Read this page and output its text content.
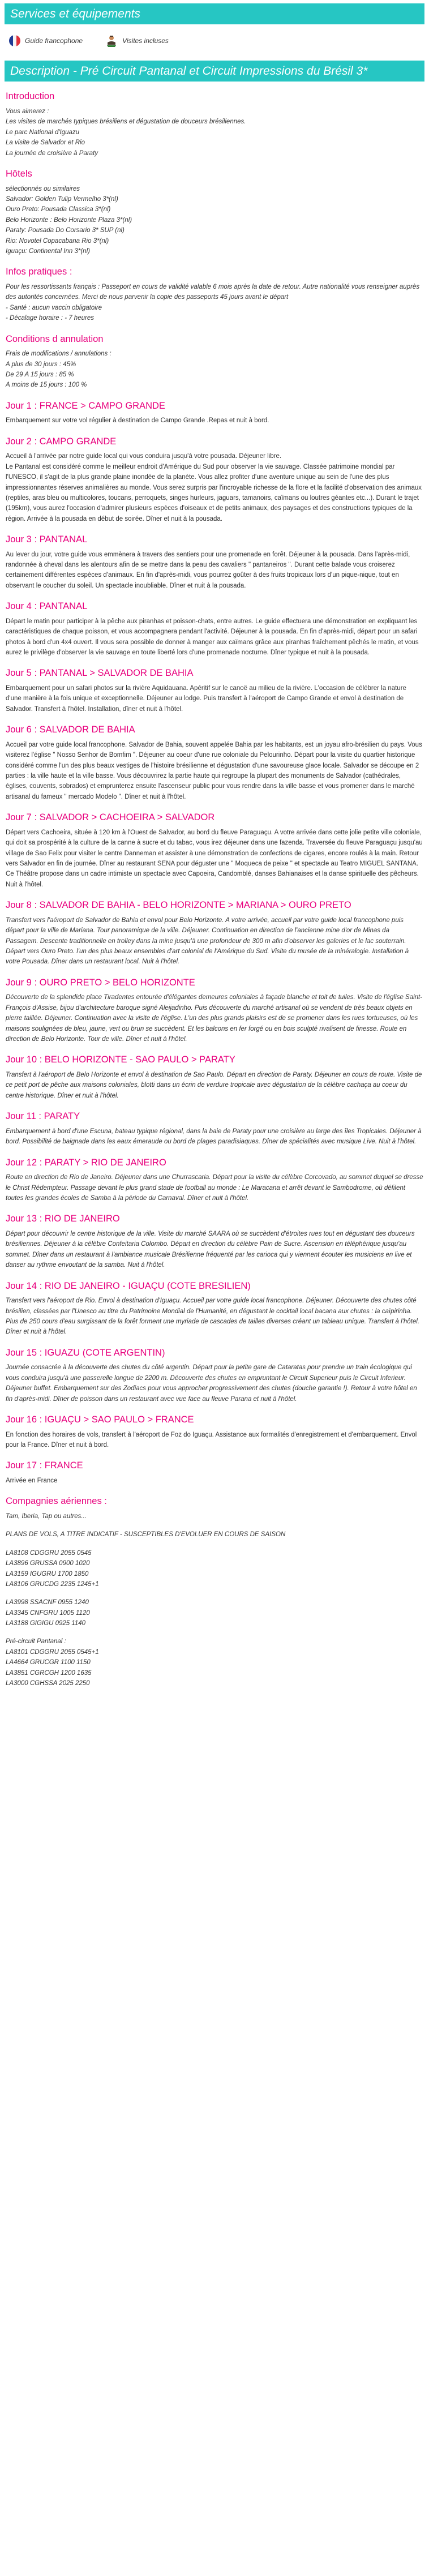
Services et équipements
Guide francophone	Visites incluses
Description - Pré Circuit Pantanal et Circuit Impressions du Brésil 3*
Introduction
Vous aimerez :
Les visites de marchés typiques brésiliens et dégustation de douceurs brésiliennes.
Le parc National d'Iguazu
La visite de Salvador et Rio
La journée de croisière à Paraty
Hôtels
sélectionnés ou similaires
Salvador: Golden Tulip Vermelho 3*(nl)
Ouro Preto: Pousada Classica 3*(nl)
Belo Horizonte : Belo Horizonte Plaza 3*(nl)
Paraty: Pousada Do Corsario 3* SUP (nl)
Rio: Novotel Copacabana Rio 3*(nl)
Iguaçu: Continental Inn 3*(nl)
Infos pratiques :
Pour les ressortissants français : Passeport en cours de validité valable 6 mois après la date de retour. Autre nationalité vous renseigner auprès des autorités concernées. Merci de nous parvenir la copie des passeports 45 jours avant le départ
- Santé : aucun vaccin obligatoire
- Décalage horaire : - 7 heures
Conditions d annulation
Frais de modifications / annulations :
A plus de 30 jours : 45%
De 29 A 15 jours : 85 %
A moins de 15 jours : 100 %
Jour 1 : FRANCE > CAMPO GRANDE
Embarquement sur votre vol régulier à destination de Campo Grande .Repas et nuit à bord.
Jour 2 : CAMPO GRANDE
Accueil à l'arrivée par notre guide local qui vous conduira jusqu'à votre pousada. Déjeuner libre.
Le Pantanal est considéré comme le meilleur endroit d'Amérique du Sud pour observer la vie sauvage. Classée patrimoine mondial par l'UNESCO, il s'agit de la plus grande plaine inondée de la planète. Vous allez profiter d'une aventure unique au sein de l'une des plus impressionnantes réserves animalières au monde. Vous serez surpris par l'incroyable richesse de la flore et la facilité d'observation des animaux (reptiles, aras bleu ou multicolores, toucans, perroquets, singes hurleurs, jaguars, tamanoirs, caïmans ou loutres géantes etc...). Durant le trajet (195km), vous aurez l'occasion d'admirer plusieurs espèces d'oiseaux et de petits animaux, des paysages et des constructions typiques de la région. Arrivée à la pousada en début de soirée. Dîner et nuit à la pousada.
Jour 3 : PANTANAL
Au lever du jour, votre guide vous emmènera à travers des sentiers pour une promenade en forêt. Déjeuner à la pousada. Dans l'après-midi, randonnée à cheval dans les alentours afin de se mettre dans la peau des cavaliers " pantaneiros ". Durant cette balade vous croiserez certainement différentes espèces d'animaux. En fin d'après-midi, vous pourrez goûter à des fruits tropicaux lors d'un pique-nique, tout en observant le coucher du soleil. Un spectacle inoubliable. Dîner et nuit à la pousada.
Jour 4 : PANTANAL
Départ le matin pour participer à la pêche aux piranhas et poisson-chats, entre autres. Le guide effectuera une démonstration en expliquant les caractéristiques de chaque poisson, et vous accompagnera pendant l'activité. Déjeuner à la pousada. En fin d'après-midi, départ pour un safari photos à bord d'un 4x4 ouvert. Il vous sera possible de donner à manger aux caïmans grâce aux piranhas fraîchement pêchés le matin, et vous aurez le privilège d'observer la vie sauvage en toute liberté lors d'une promenade nocturne. Dîner typique et nuit à la pousada.
Jour 5 : PANTANAL > SALVADOR DE BAHIA
Embarquement pour un safari photos sur la rivière Aquidauana. Apéritif sur le canoë au milieu de la rivière. L'occasion de célébrer la nature d'une manière à la fois unique et exceptionnelle. Déjeuner au lodge. Puis transfert à l'aéroport de Campo Grande et envol à destination de Salvador. Transfert à l'hôtel. Installation, dîner et nuit à l'hôtel.
Jour 6 : SALVADOR DE BAHIA
Accueil par votre guide local francophone. Salvador de Bahia, souvent appelée Bahia par les habitants, est un joyau afro-brésilien du pays. Vous visiterez l'église " Nosso Senhor de Bomfim ". Déjeuner au coeur d'une rue coloniale du Pelourinho. Départ pour la visite du quartier historique considéré comme l'un des plus beaux vestiges de l'histoire brésilienne et dégustation d'une savoureuse glace locale. Salvador se découpe en 2 parties : la ville haute et la ville basse. Vous découvrirez la partie haute qui regroupe la plupart des monuments de Salvador (cathédrales, églises, couvents, sobrados) et emprunterez ensuite l'ascenseur public pour vous rendre dans la ville basse et vous promener dans le marché artisanal du fameux " mercado Modelo ". Dîner et nuit à l'hôtel.
Jour 7 : SALVADOR > CACHOEIRA > SALVADOR
Départ vers Cachoeira, située à 120 km à l'Ouest de Salvador, au bord du fleuve Paraguaçu. A votre arrivée dans cette jolie petite ville coloniale, qui doit sa prospérité à la culture de la canne à sucre et du tabac, vous irez déjeuner dans une fazenda. Traversée du fleuve Paraguaçu jusqu'au village de Sao Felix pour visiter le centre Danneman et assister à une démonstration de confections de cigares, encore roulés à la main. Retour vers Salvador en fin de journée. Dîner au restaurant SENA pour déguster une " Moqueca de peixe " et spectacle au Teatro MIGUEL SANTANA. Ce Théâtre propose dans un cadre intimiste un spectacle avec Capoeira, Candomblé, danses Bahianaises et la danse spirituelle des pêcheurs. Nuit à l'hôtel.
Jour 8 : SALVADOR DE BAHIA - BELO HORIZONTE > MARIANA > OURO PRETO
Transfert vers l'aéroport de Salvador de Bahia et envol pour Belo Horizonte. A votre arrivée, accueil par votre guide local francophone puis départ pour la ville de Mariana. Tour panoramique de la ville. Déjeuner. Continuation en direction de l'ancienne mine d'or de Minas da Passagem. Descente traditionnelle en trolley dans la mine jusqu'à une profondeur de 300 m afin d'observer les galeries et le lac souterrain. Départ vers Ouro Preto. l'un des plus beaux ensembles d'art colonial de l'Amérique du Sud. Visite du musée de la minéralogie. Installation à votre Pousada. Dîner dans un restaurant local. Nuit à l'hôtel.
Jour 9 : OURO PRETO > BELO HORIZONTE
Découverte de la splendide place Tiradentes entourée d'élégantes demeures coloniales à façade blanche et toit de tuiles. Visite de l'église Saint-François d'Assise, bijou d'architecture baroque signé Aleijadinho. Puis découverte du marché artisanal où se vendent de très beaux objets en pierre taillée. Déjeuner. Continuation avec la visite de l'église. L'un des plus grands plaisirs est de se promener dans les rues tortueuses, où les maisons soulignées de bleu, jaune, vert ou brun se succèdent. Et les balcons en fer forgé ou en bois sculpté rivalisent de finesse. Route en direction de Belo Horizonte. Tour de ville. Dîner et nuit à l'hôtel.
Jour 10 : BELO HORIZONTE - SAO PAULO > PARATY
Transfert à l'aéroport de Belo Horizonte et envol à destination de Sao Paulo. Départ en direction de Paraty. Déjeuner en cours de route. Visite de ce petit port de pêche aux maisons coloniales, blotti dans un écrin de verdure tropicale avec dégustation de la célèbre cachaça au coeur du centre historique. Dîner et nuit à l'hôtel.
Jour 11 : PARATY
Embarquement à bord d'une Escuna, bateau typique régional, dans la baie de Paraty pour une croisière au large des îles Tropicales. Déjeuner à bord. Possibilité de baignade dans les eaux émeraude ou bord de plages paradisiaques. Dîner de spécialités avec musique Live. Nuit à l'hôtel.
Jour 12 : PARATY > RIO DE JANEIRO
Route en direction de Rio de Janeiro. Déjeuner dans une Churrascaria. Départ pour la visite du célèbre Corcovado, au sommet duquel se dresse le Christ Rédempteur. Passage devant le plus grand stade de football au monde : Le Maracana et arrêt devant le Sambodrome, où défilent toutes les grandes écoles de Samba à la période du Carnaval. Dîner et nuit à l'hôtel.
Jour 13 : RIO DE JANEIRO
Départ pour découvrir le centre historique de la ville. Visite du marché SAARA où se succèdent d'étroites rues tout en dégustant des douceurs brésiliennes. Déjeuner à la célèbre Confeitaria Colombo. Départ en direction du célèbre Pain de Sucre. Ascension en téléphérique jusqu'au sommet. Dîner dans un restaurant à l'ambiance musicale Brésilienne fréquenté par les carioca qui y viennent écouter les musiciens en live et danser au rythme envoutant de la samba. Nuit à l'hôtel.
Jour 14 : RIO DE JANEIRO - IGUAÇU (COTE BRESILIEN)
Transfert vers l'aéroport de Rio. Envol à destination d'Iguaçu. Accueil par votre guide local francophone. Déjeuner. Découverte des chutes côté brésilien, classées par l'Unesco au titre du Patrimoine Mondial de l'Humanité, en dégustant le cocktail local bacana aux chutes : la caïpirinha. Plus de 250 cours d'eau surgissant de la forêt forment une myriade de cascades de tailles diverses créant un tableau unique. Transfert à l'hôtel. Dîner et nuit à l'hôtel.
Jour 15 : IGUAZU (COTE ARGENTIN)
Journée consacrée à la découverte des chutes du côté argentin. Départ pour la petite gare de Cataratas pour prendre un train écologique qui vous conduira jusqu'à une passerelle longue de 2200 m. Découverte des chutes en empruntant le Circuit Superieur puis le Circuit Inferieur. Déjeuner buffet. Embarquement sur des Zodiacs pour vous approcher progressivement des chutes (douche garantie !). Retour à votre hôtel en fin d'après-midi. Dîner de poisson dans un restaurant avec vue face au fleuve Parana et nuit à l'hôtel.
Jour 16 : IGUAÇU > SAO PAULO > FRANCE
En fonction des horaires de vols, transfert à l'aéroport de Foz do Iguaçu. Assistance aux formalités d'enregistrement et d'embarquement. Envol pour la France. Dîner et nuit à bord.
Jour 17 : FRANCE
Arrivée en France
Compagnies aériennes :
Tam, Iberia, Tap ou autres...
PLANS DE VOLS, A TITRE INDICATIF - SUSCEPTIBLES D'EVOLUER EN COURS DE SAISON
LA8108 CDGGRU 2055 0545
LA3896 GRUSSA 0900 1020
LA3159 IGUGRU 1700 1850
LA8106 GRUCDG 2235 1245+1
LA3998 SSACNF 0955 1240
LA3345 CNFGRU 1005 1120
LA3188 GIGIGU 0925 1140
Pré-circuit Pantanal :
LA8101 CDGGRU 2055 0545+1
LA4664 GRUCGR 1100 1150
LA3851 CGRCGH 1200 1635
LA3000 CGHSSA 2025 2250
